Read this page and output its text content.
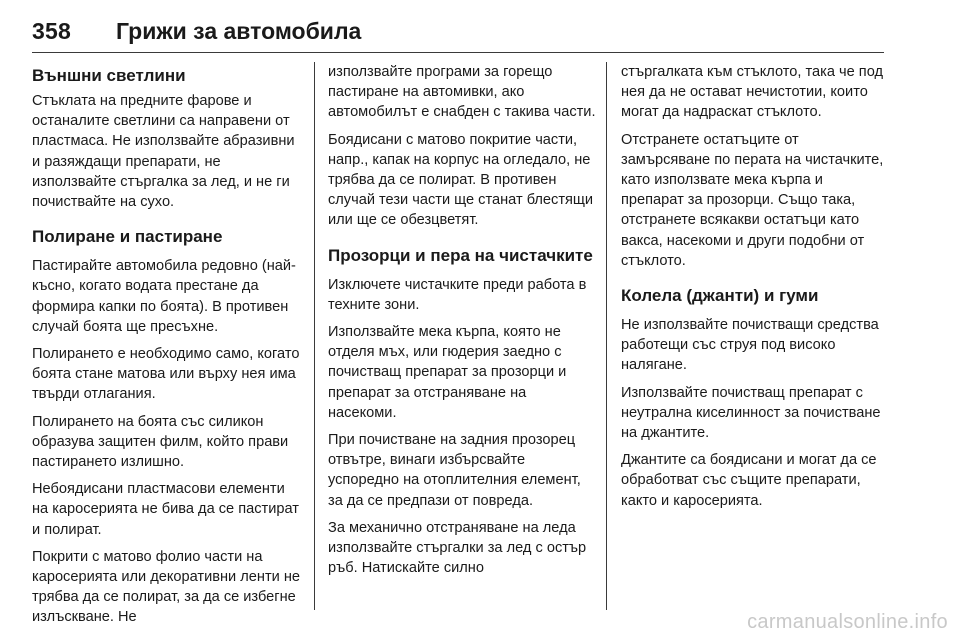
358 Грижи за автомобила
Външни светлини

Стъклата на предните фарове и останалите светлини са направени от пластмаса. Не използвайте абразивни и разяждащи препарати, не използвайте стъргалка за лед, и не ги почиствайте на сухо.

Полиране и пастиране

Пастирайте автомобила редовно (най-късно, когато водата престане да формира капки по боята). В противен случай боята ще пресъхне.

Полирането е необходимо само, когато боята стане матова или върху нея има твърди отлагания.

Полирането на боята със силикон образува защитен филм, който прави пастирането излишно.

Небоядисани пластмасови елементи на каросерията не бива да се пастират и полират.

Покрити с матово фолио части на каросерията или декоративни ленти не трябва да се полират, за да се избегне излъскване. Не

използвайте програми за горещо пастиране на автомивки, ако автомобилът е снабден с такива части.

Боядисани с матово покритие части, напр., капак на корпус на огледало, не трябва да се полират. В противен случай тези части ще станат блестящи или ще се обезцветят.

Прозорци и пера на чистачките

Изключете чистачките преди работа в техните зони.

Използвайте мека кърпа, която не отделя мъх, или гюдерия заедно с почистващ препарат за прозорци и препарат за отстраняване на насекоми.

При почистване на задния прозорец отвътре, винаги избърсвайте успоредно на отоплителния елемент, за да се предпази от повреда.

За механично отстраняване на леда използвайте стъргалки за лед с остър ръб. Натискайте силно

стъргалката към стъклото, така че под нея да не остават нечистотии, които могат да надраскат стъклото.

Отстранете остатъците от замърсяване по перата на чистачките, като използвате мека кърпа и препарат за прозорци. Също така, отстранете всякакви остатъци като вакса, насекоми и други подобни от стъклото.

Колела (джанти) и гуми

Не използвайте почистващи средства работещи със струя под високо налягане.

Използвайте почистващ препарат с неутрална киселинност за почистване на джантите.

Джантите са боядисани и могат да се обработват със същите препарати, както и каросерията.

carmanualsonline.info
